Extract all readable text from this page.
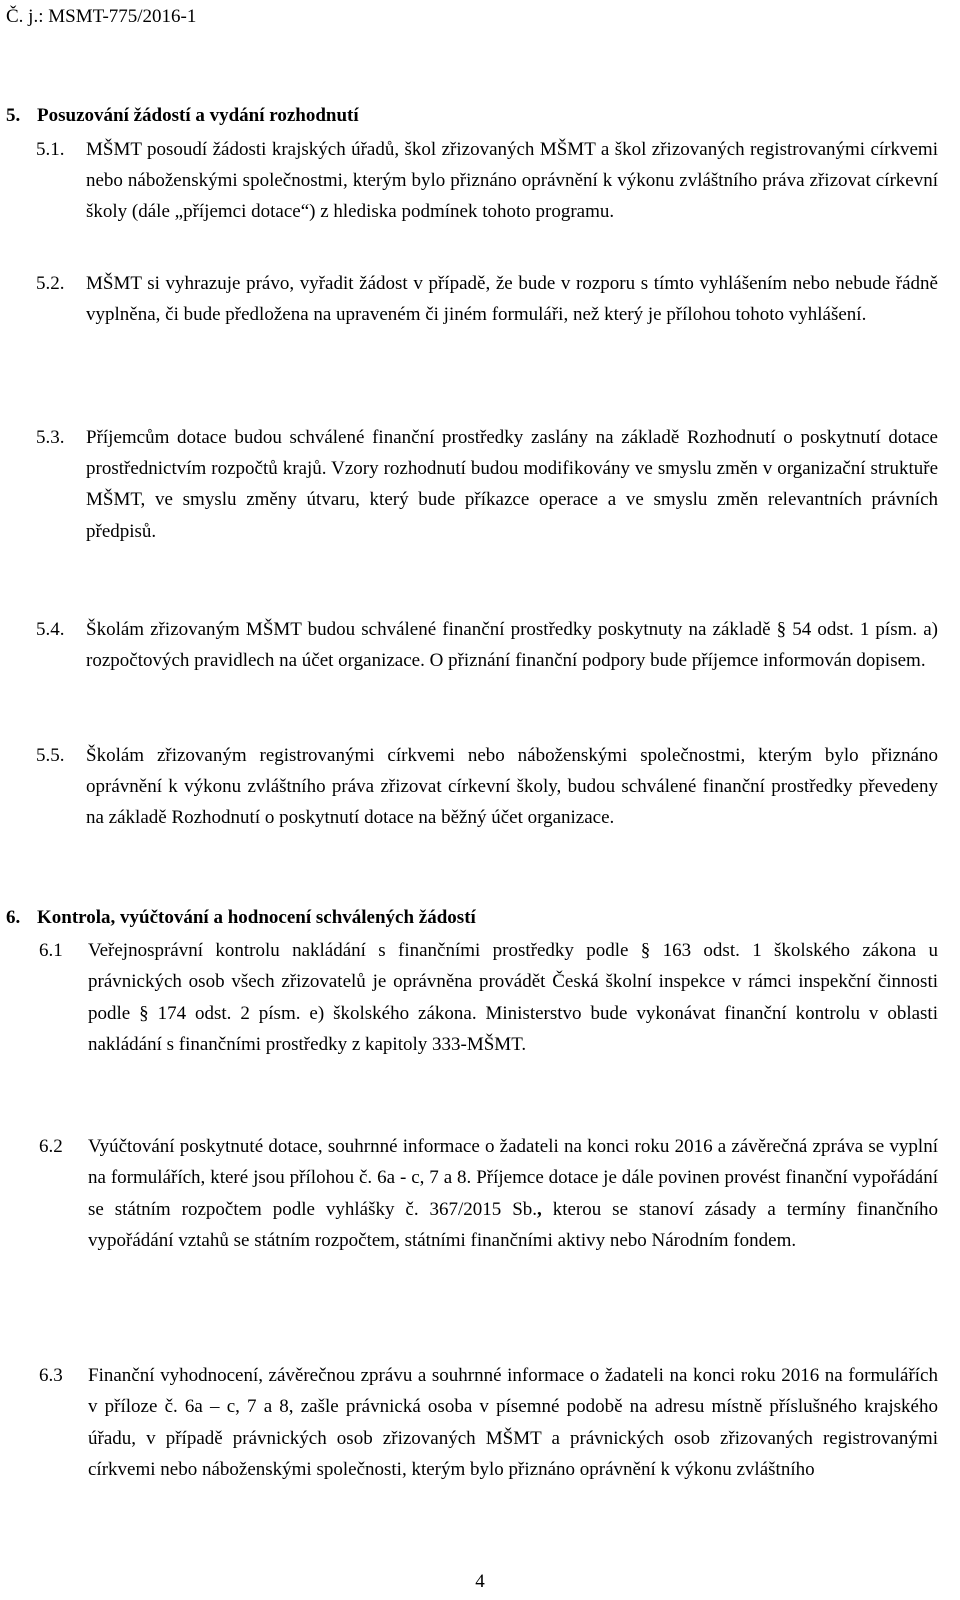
Č. j.: MSMT-775/2016-1
5. Posuzování žádostí a vydání rozhodnutí
5.1. MŠMT posoudí žádosti krajských úřadů, škol zřizovaných MŠMT a škol zřizovaných registrovanými církvemi nebo náboženskými společnostmi, kterým bylo přiznáno oprávnění k výkonu zvláštního práva zřizovat církevní školy (dále „příjemci dotace“) z hlediska podmínek tohoto programu.
5.2. MŠMT si vyhrazuje právo, vyřadit žádost v případě, že bude v rozporu s tímto vyhlášením nebo nebude řádně vyplněna, či bude předložena na upraveném či jiném formuláři, než který je přílohou tohoto vyhlášení.
5.3. Příjemcům dotace budou schválené finanční prostředky zaslány na základě Rozhodnutí o poskytnutí dotace prostřednictvím rozpočtů krajů. Vzory rozhodnutí budou modifikovány ve smyslu změn v organizační struktuře MŠMT, ve smyslu změny útvaru, který bude příkazce operace a ve smyslu změn relevantních právních předpisů.
5.4. Školám zřizovaným MŠMT budou schválené finanční prostředky poskytnuty na základě § 54 odst. 1 písm. a) rozpočtových pravidlech na účet organizace. O přiznání finanční podpory bude příjemce informován dopisem.
5.5. Školám zřizovaným registrovanými církvemi nebo náboženskými společnostmi, kterým bylo přiznáno oprávnění k výkonu zvláštního práva zřizovat církevní školy, budou schválené finanční prostředky převedeny na základě Rozhodnutí o poskytnutí dotace na běžný účet organizace.
6. Kontrola, vyúčtování a hodnocení schválených žádostí
6.1 Veřejnosprávní kontrolu nakládání s finančními prostředky podle § 163 odst. 1 školského zákona u právnických osob všech zřizovatelů je oprávněna provádět Česká školní inspekce v rámci inspekční činnosti podle § 174 odst. 2 písm. e) školského zákona. Ministerstvo bude vykonávat finanční kontrolu v oblasti nakládání s finančními prostředky z kapitoly 333-MŠMT.
6.2 Vyúčtování poskytnuté dotace, souhrnné informace o žadateli na konci roku 2016 a závěrečná zpráva se vyplní na formulářích, které jsou přílohou č. 6a - c, 7 a 8. Příjemce dotace je dále povinen provést finanční vypořádání se státním rozpočtem podle vyhlášky č. 367/2015 Sb., kterou se stanoví zásady a termíny finančního vypořádání vztahů se státním rozpočtem, státními finančními aktivy nebo Národním fondem.
6.3 Finanční vyhodnocení, závěrečnou zprávu a souhrnné informace o žadateli na konci roku 2016 na formulářích v příloze č. 6a – c, 7 a 8, zašle právnická osoba v písemné podobě na adresu místně příslušného krajského úřadu, v případě právnických osob zřizovaných MŠMT a právnických osob zřizovaných registrovanými církvemi nebo náboženskými společnosti, kterým bylo přiznáno oprávnění k výkonu zvláštního
4
